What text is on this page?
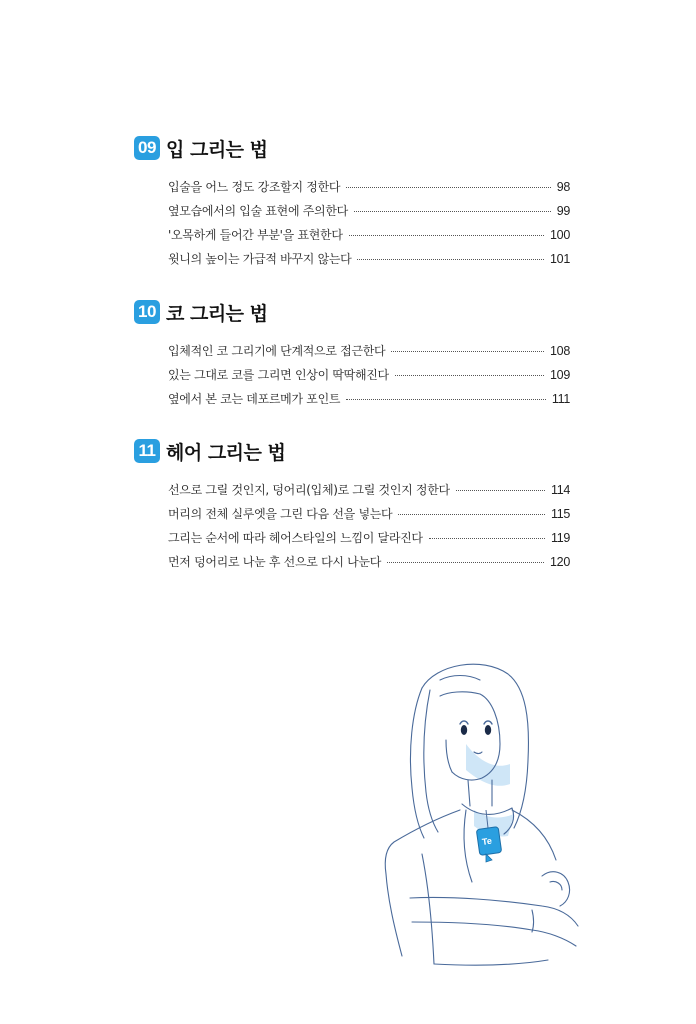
09 입 그리는 법
입술을 어느 정도 강조할지 정한다	98
옆모습에서의 입술 표현에 주의한다	99
'오목하게 들어간 부분'을 표현한다	100
윗니의 높이는 가급적 바꾸지 않는다	101
10 코 그리는 법
입체적인 코 그리기에 단계적으로 접근한다	108
있는 그대로 코를 그리면 인상이 딱딱해진다	109
옆에서 본 코는 데포르메가 포인트	111
11 헤어 그리는 법
선으로 그릴 것인지, 덩어리(입체)로 그릴 것인지 정한다	114
머리의 전체 실루엣을 그린 다음 선을 넣는다	115
그리는 순서에 따라 헤어스타일의 느낌이 달라진다	119
먼저 덩어리로 나눈 후 선으로 다시 나눈다	120
Te
